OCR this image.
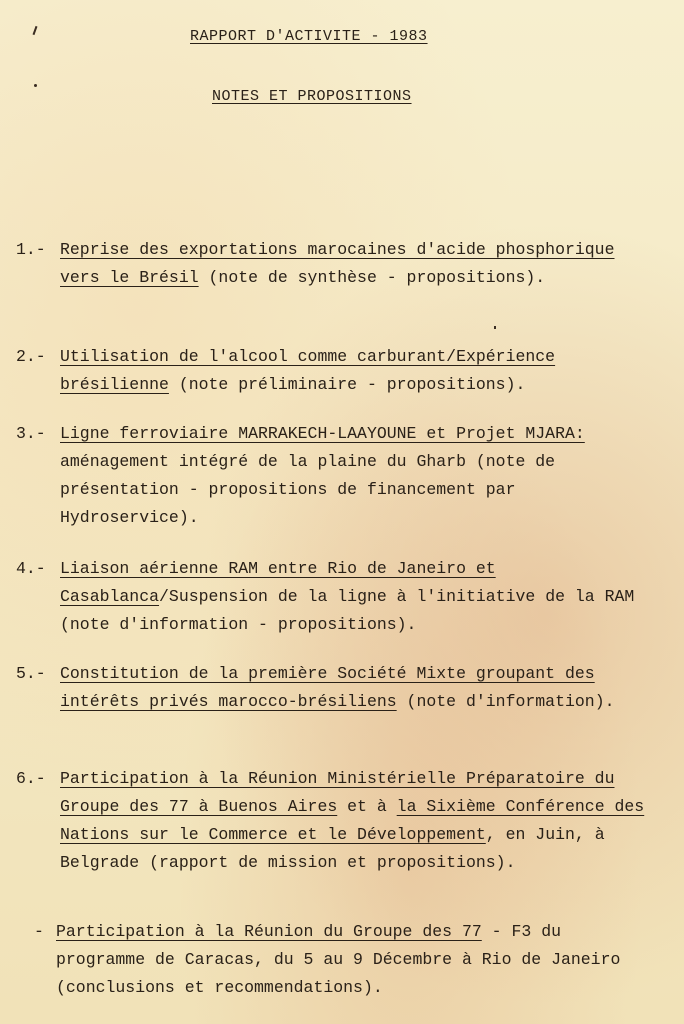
RAPPORT D'ACTIVITE - 1983
NOTES ET PROPOSITIONS
1.- Reprise des exportations marocaines d'acide phosphorique vers le Brésil (note de synthèse - propositions).
2.- Utilisation de l'alcool comme carburant/Expérience brésilienne (note préliminaire - propositions).
3.- Ligne ferroviaire MARRAKECH-LAAYOUNE et Projet MJARA: aménagement intégré de la plaine du Gharb (note de présentation - propositions de financement par Hydroservice).
4.- Liaison aérienne RAM entre Rio de Janeiro et Casablanca/Suspension de la ligne à l'initiative de la RAM (note d'information - propositions).
5.- Constitution de la première Société Mixte groupant des intérêts privés marocco-brésiliens (note d'information).
6.- Participation à la Réunion Ministérielle Préparatoire du Groupe des 77 à Buenos Aires et à la Sixième Conférence des Nations sur le Commerce et le Développement, en Juin, à Belgrade (rapport de mission et propositions).
- Participation à la Réunion du Groupe des 77 - F3 du programme de Caracas, du 5 au 9 Décembre à Rio de Janeiro (conclusions et recommendations).
